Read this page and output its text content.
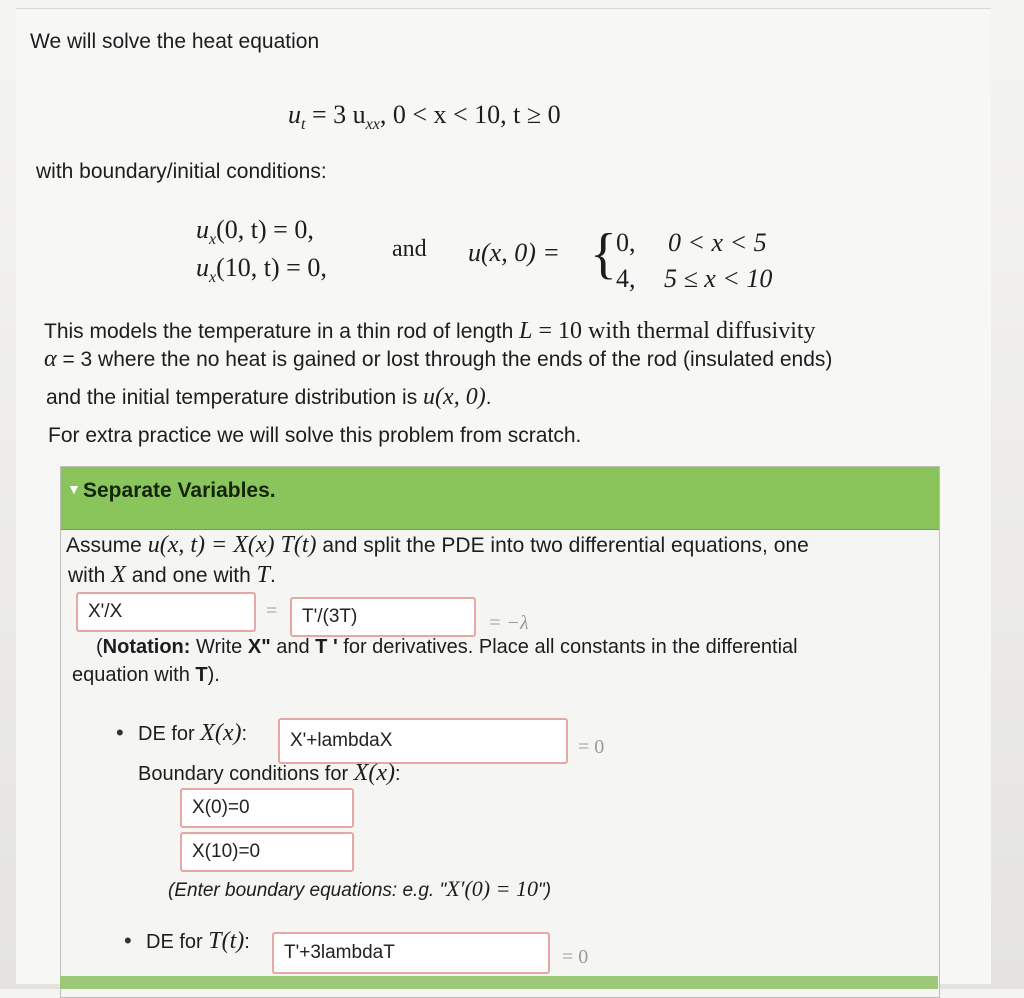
We will solve the heat equation
$u_t = 3$ $u_{xx}$, 0 < x < 10, t ≥ 0
with boundary/initial conditions:
$u_x(0$, t) = 0,
$u_x(10$, t) = 0,
and u(x, 0) = { 0, 0 < x < 5
4, 5 ≤ x < 10
This models the temperature in a thin rod of length L = 10 with thermal diffusivity
α = 3 where the no heat is gained or lost through the ends of the rod (insulated ends)
and the initial temperature distribution is u(x, 0).
For extra practice we will solve this problem from scratch.
▼ Separate Variables.
Assume u(x, t) = X(x) T(t) and split the PDE into two differential equations, one
with X and one with T.
X'/X
=
T'/(3T)
= −λ
(Notation: Write X" and T ' for derivatives. Place all constants in the differential
equation with T).
• DE for X(x):
X'+lambdaX
= 0
Boundary conditions for X(x):
X(0)=0
X(10)=0
(Enter boundary equations: e.g. "X′(0) = 10")
• DE for T(t):
T'+3lambdaT
= 0
